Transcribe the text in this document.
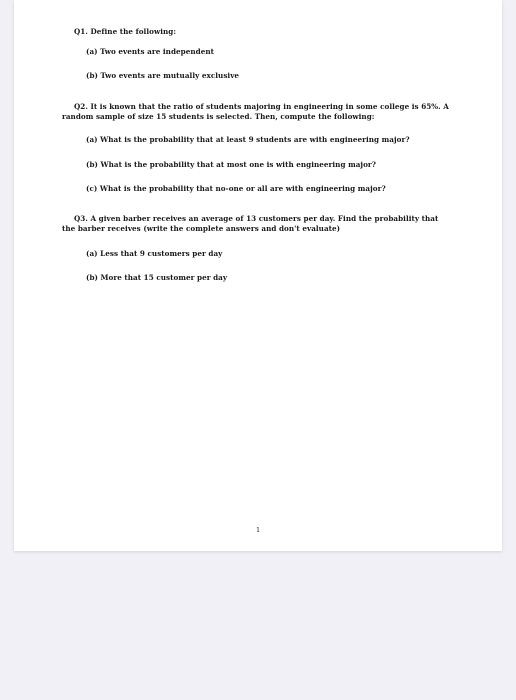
Q1. Define the following:
(a) Two events are independent
(b) Two events are mutually exclusive
Q2. It is known that the ratio of students majoring in engineering in some college is 65%. A
random sample of size 15 students is selected. Then, compute the following:
(a) What is the probability that at least 9 students are with engineering major?
(b) What is the probability that at most one is with engineering major?
(c) What is the probability that no-one or all are with engineering major?
Q3. A given barber receives an average of 13 customers per day. Find the probability that
the barber receives (write the complete answers and don't evaluate)
(a) Less that 9 customers per day
(b) More that 15 customer per day
1
